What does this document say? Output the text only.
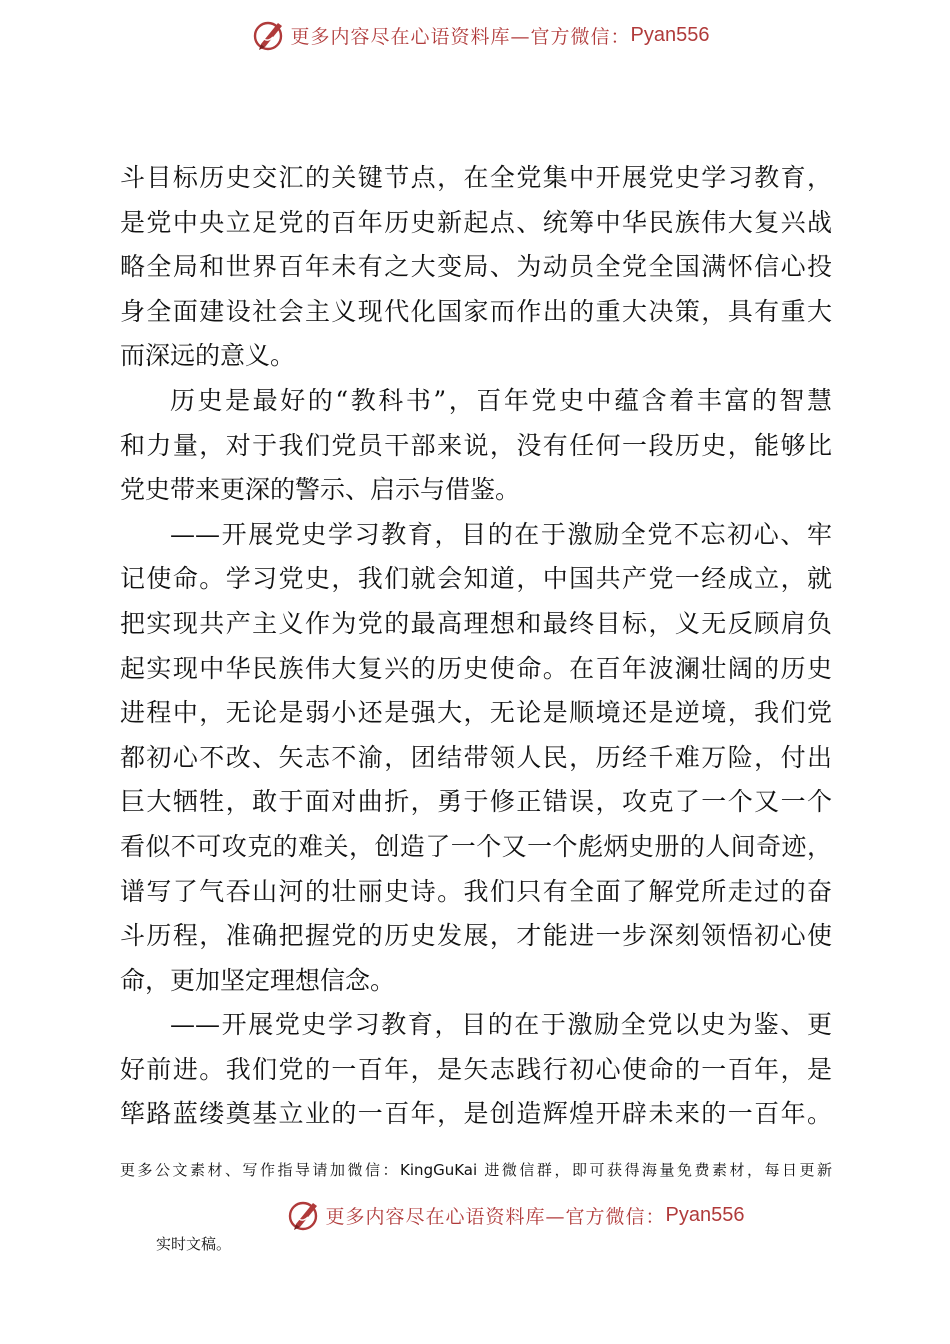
更多内容尽在心语资料库—官方微信： Pyan556
斗目标历史交汇的关键节点，在全党集中开展党史学习教育，
是党中央立足党的百年历史新起点、统筹中华民族伟大复兴战
略全局和世界百年未有之大变局、为动员全党全国满怀信心投
身全面建设社会主义现代化国家而作出的重大决策，具有重大
而深远的意义。
历史是最好的“教科书”，百年党史中蕴含着丰富的智慧
和力量，对于我们党员干部来说，没有任何一段历史，能够比
党史带来更深的警示、启示与借鉴。
——开展党史学习教育，目的在于激励全党不忘初心、牢
记使命。学习党史，我们就会知道，中国共产党一经成立，就
把实现共产主义作为党的最高理想和最终目标，义无反顾肩负
起实现中华民族伟大复兴的历史使命。在百年波澜壮阔的历史
进程中，无论是弱小还是强大，无论是顺境还是逆境，我们党
都初心不改、矢志不渝，团结带领人民，历经千难万险，付出
巨大牺牲，敢于面对曲折，勇于修正错误，攻克了一个又一个
看似不可攻克的难关，创造了一个又一个彪炳史册的人间奇迹，
谱写了气吞山河的壮丽史诗。我们只有全面了解党所走过的奋
斗历程，准确把握党的历史发展，才能进一步深刻领悟初心使
命，更加坚定理想信念。
——开展党史学习教育，目的在于激励全党以史为鉴、更
好前进。我们党的一百年，是矢志践行初心使命的一百年，是
筚路蓝缕奠基立业的一百年，是创造辉煌开辟未来的一百年。
更多公文素材、写作指导请加微信：KingGuKai 进微信群，即可获得海量免费素材，每日更新
更多内容尽在心语资料库—官方微信： Pyan556
实时文稿。
